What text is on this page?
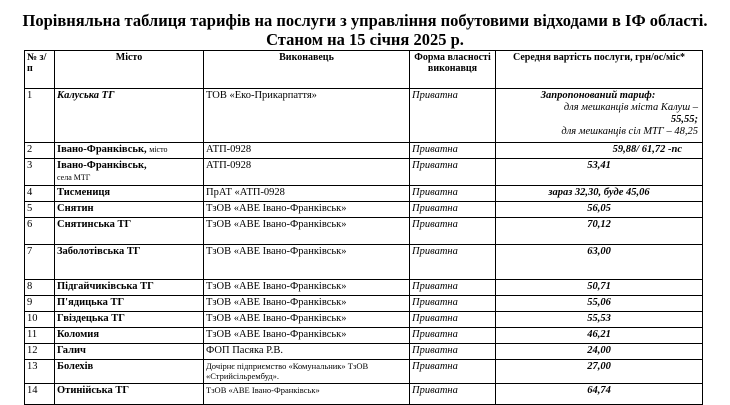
Порівняльна таблиця тарифів на послуги з управління побутовими відходами в ІФ області.
Станом на 15 січня 2025 р.
№ з/п	Місто	Виконавець	Форма власності виконавця	Середня вартість послуги, грн/ос/міс*
1	Калуська ТГ	ТОВ «Еко-Прикарпаття»	Приватна	Запропонований тариф:
для мешканців міста Калуш –
55,55;
для мешканців сіл МТГ – 48,25

2	Івано-Франківськ, місто	АТП-0928	Приватна	59,88/ 61,72 -пс
3	Івано-Франківськ,
села МТГ	АТП-0928	Приватна	53,41
4	Тисмениця	ПрАТ «АТП-0928	Приватна	зараз 32,30, буде 45,06
5	Снятин	ТзОВ «АВЕ Івано-Франківськ»	Приватна	56,05
6	Снятинська ТГ	ТзОВ «АВЕ Івано-Франківськ»	Приватна	70,12
7	Заболотівська ТГ	ТзОВ «АВЕ Івано-Франківськ»	Приватна	63,00
8	Підгайчиківська ТГ	ТзОВ «АВЕ Івано-Франківськ»	Приватна	50,71
9	П'ядицька ТГ	ТзОВ «АВЕ Івано-Франківськ»	Приватна	55,06
10	Гвіздецька ТГ	ТзОВ «АВЕ Івано-Франківськ»	Приватна	55,53
11	Коломия	ТзОВ «АВЕ Івано-Франківськ»	Приватна	46,21
12	Галич	ФОП Пасяка Р.В.	Приватна	24,00
13	Болехів	Дочірнє підприємство «Комунальник» ТзОВ «Стрийсільрембуд».	Приватна	27,00
14	Отинійська ТГ	ТзОВ «АВЕ Івано-Франківськ»	Приватна	64,74
